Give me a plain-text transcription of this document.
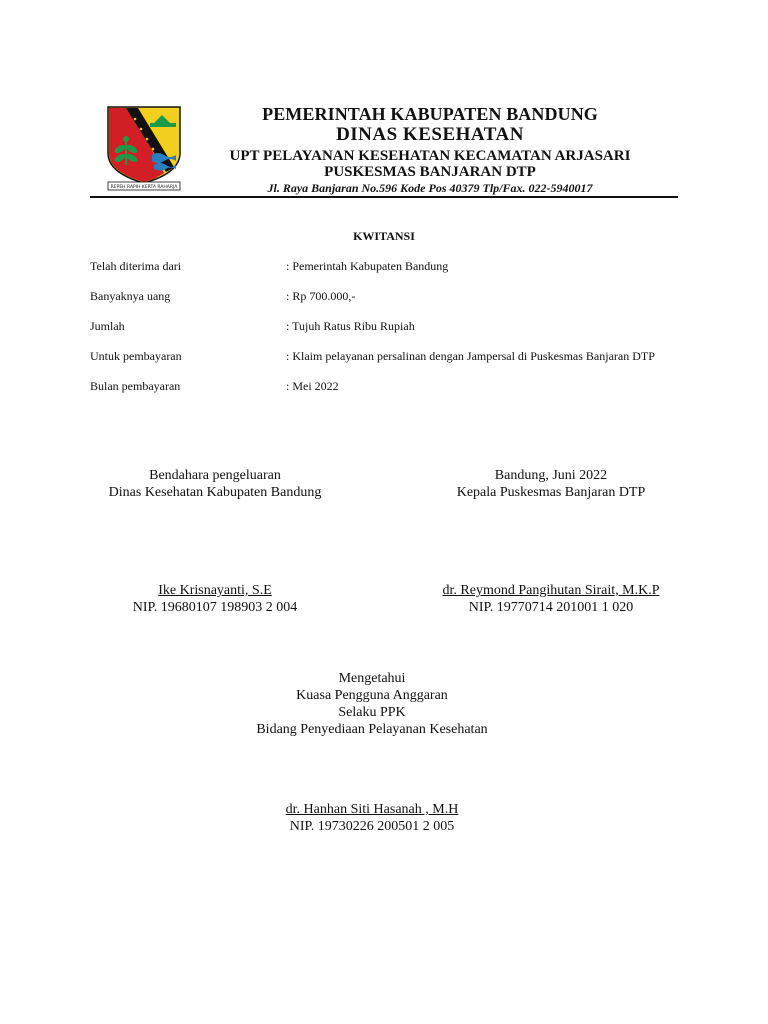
REPEH RAPIH KERTA RAHARJA
PEMERINTAH KABUPATEN BANDUNG
DINAS KESEHATAN
UPT PELAYANAN KESEHATAN KECAMATAN ARJASARI
PUSKESMAS BANJARAN DTP
Jl. Raya Banjaran No.596 Kode Pos 40379 Tlp/Fax. 022-5940017
KWITANSI
Telah diterima dari	: Pemerintah Kabupaten Bandung
Banyaknya uang	: Rp 700.000,-
Jumlah	: Tujuh Ratus Ribu Rupiah
Untuk pembayaran	: Klaim pelayanan persalinan dengan Jampersal di Puskesmas Banjaran DTP
Bulan pembayaran	: Mei 2022
Bendahara pengeluaran
Dinas Kesehatan Kabupaten Bandung
Ike Krisnayanti, S.E
NIP. 19680107 198903 2 004
Bandung, Juni 2022
Kepala Puskesmas Banjaran DTP
dr. Reymond Pangihutan Sirait, M.K.P
NIP. 19770714 201001 1 020
Mengetahui
Kuasa Pengguna Anggaran
Selaku PPK
Bidang Penyediaan Pelayanan Kesehatan
dr. Hanhan Siti Hasanah , M.H
NIP. 19730226 200501 2 005
